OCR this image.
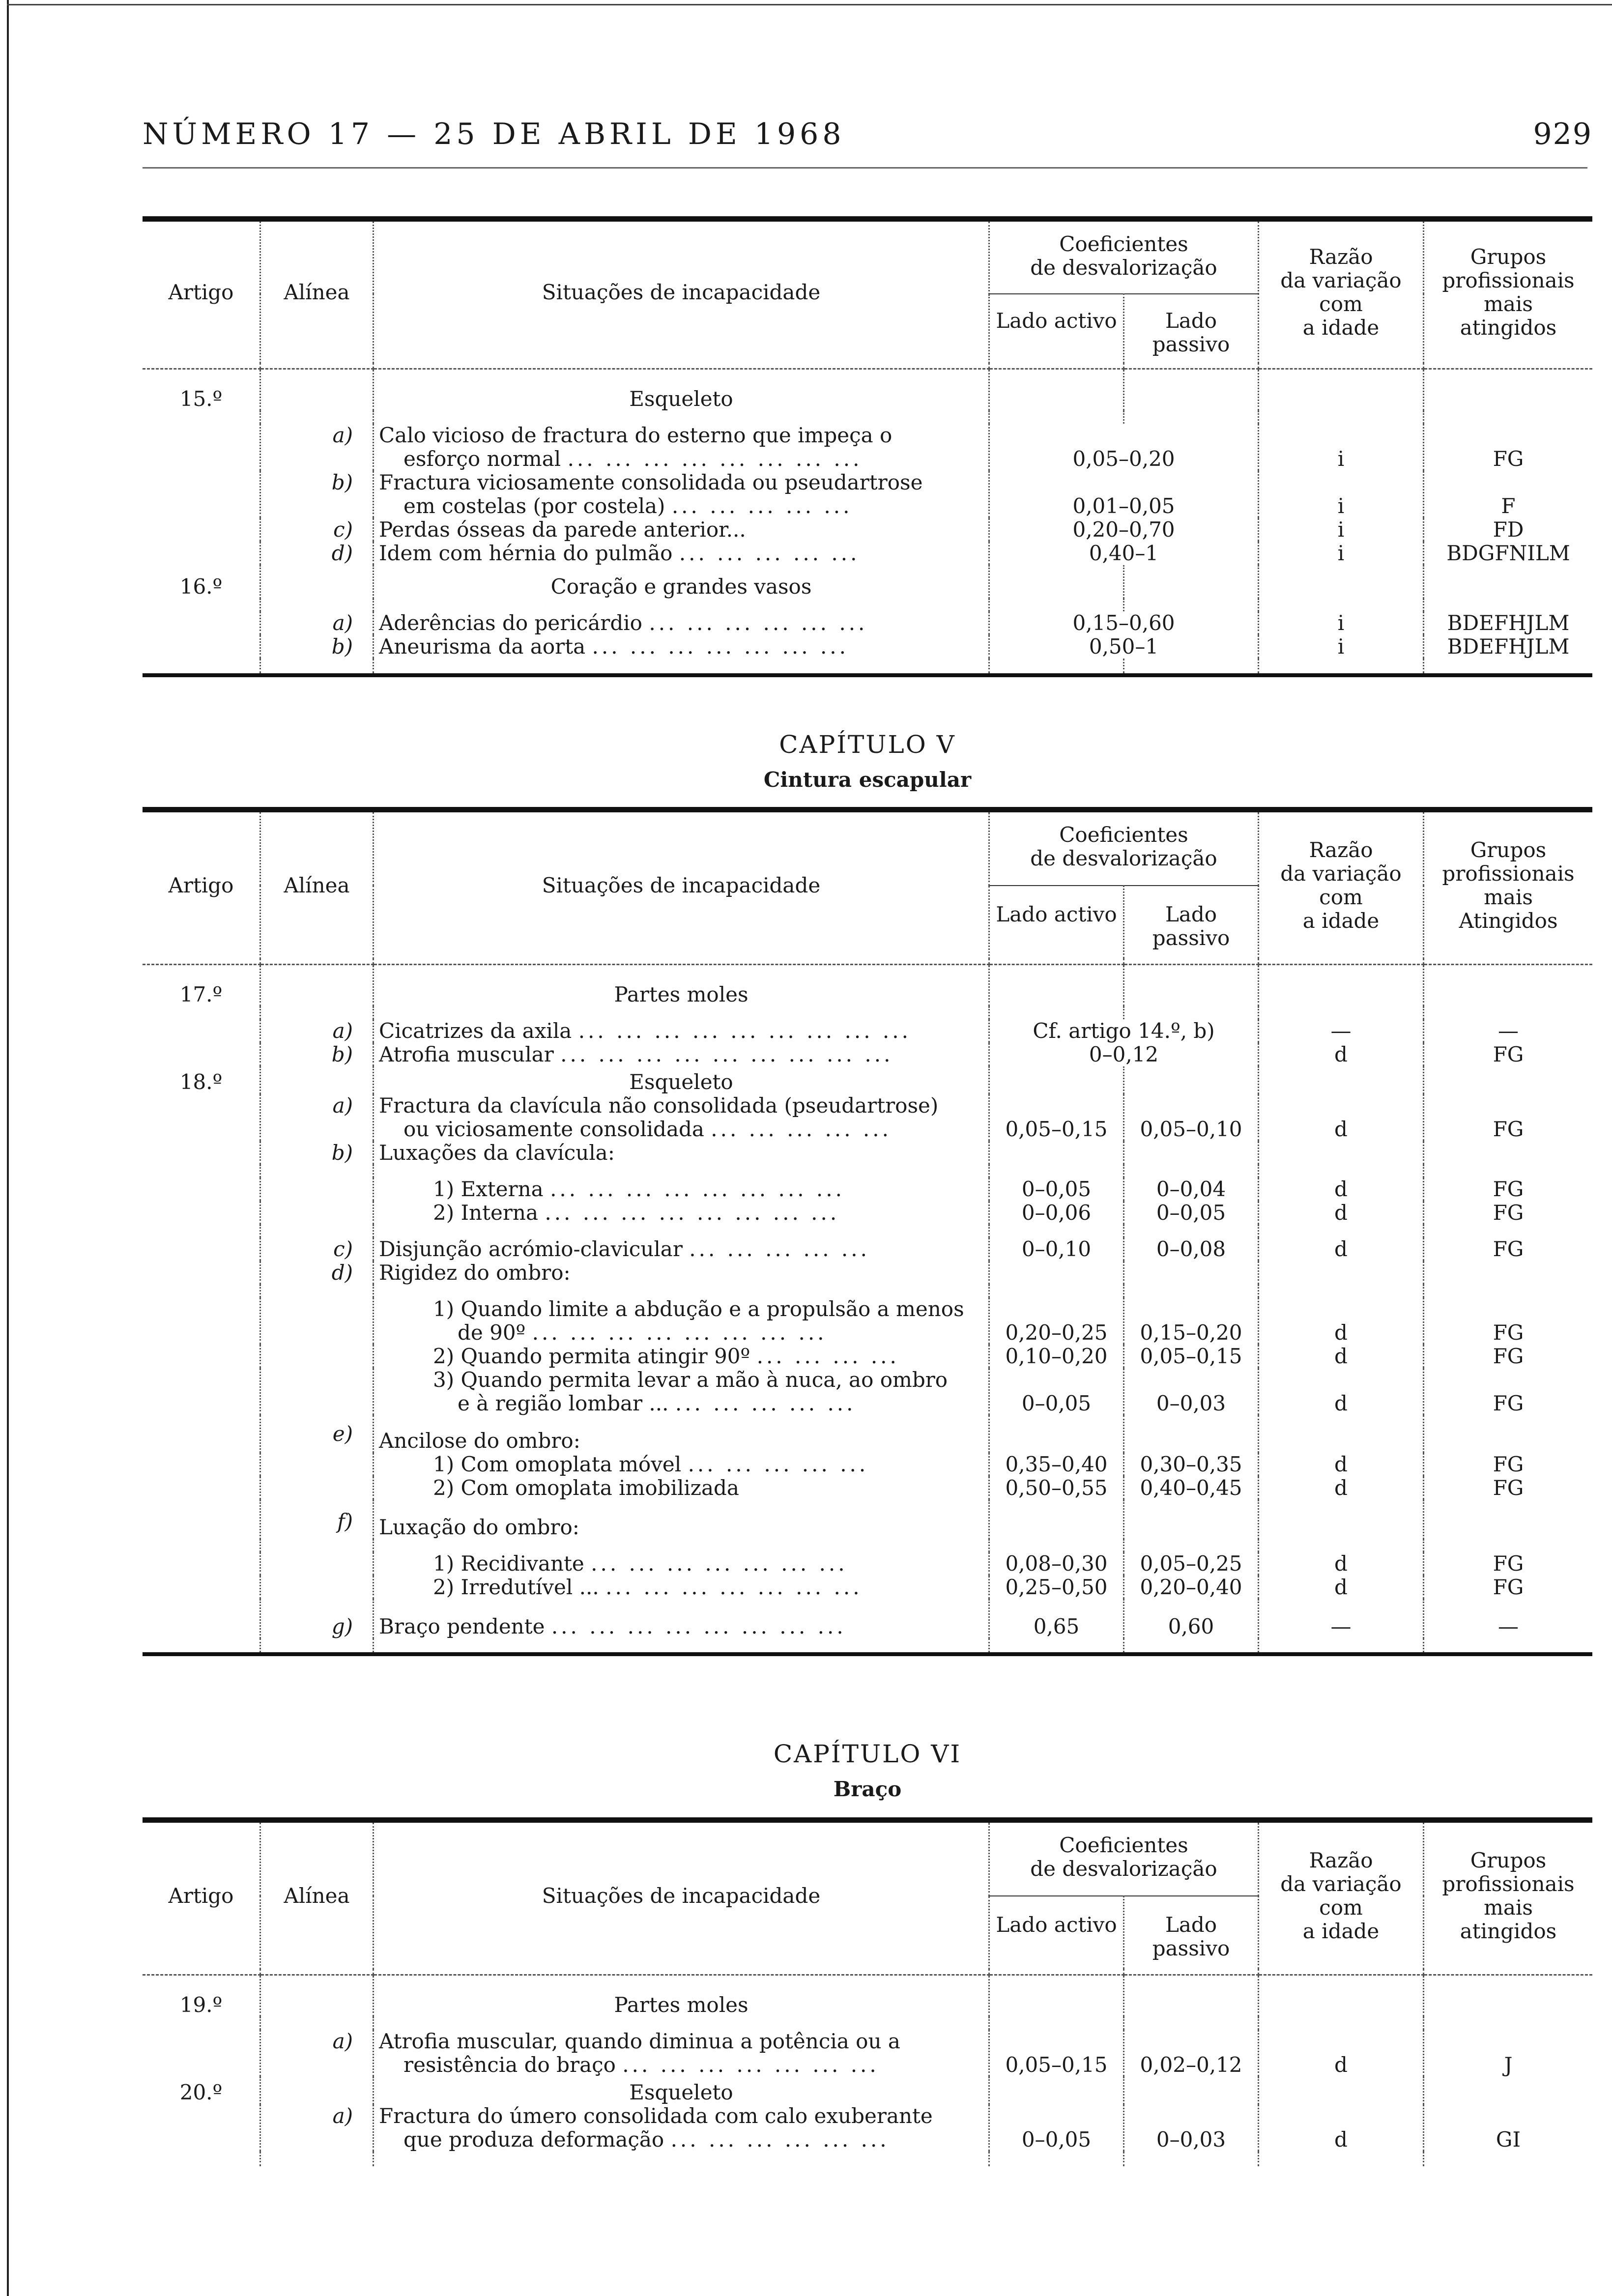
NÚMERO 17 — 25 DE ABRIL DE 1968	929
Artigo	Alínea	Situações de incapacidade	Coeficientes
de desvalorização		Razão
da variação
com
a idade	Grupos
profissionais
mais
atingidos
			Lado activo	Lado passivo		

15.º		Esqueleto				

	a)	Calo vicioso de fractura do esterno que impeça o
esforço normal ... ... ... ... ... ... ... ...	0,05–0,20		i	FG
	b)	Fractura viciosamente consolidada ou pseudartrose
em costelas (por costela) ... ... ... ... ...	0,01–0,05		i	F
	c)	Perdas ósseas da parede anterior...	0,20–0,70		i	FD
	d)	Idem com hérnia do pulmão ... ... ... ... ...	0,40–1		i	BDGFNILM
16.º		Coração e grandes vasos				

	a)	Aderências do pericárdio ... ... ... ... ... ...	0,15–0,60		i	BDEFHJLM
	b)	Aneurisma da aorta ... ... ... ... ... ... ...	0,50–1		i	BDEFHJLM

CAPÍTULO V
Cintura escapular
Artigo	Alínea	Situações de incapacidade	Coeficientes
de desvalorização		Razão
da variação
com
a idade	Grupos
profissionais
mais
Atingidos
			Lado activo	Lado passivo		

17.º		Partes moles				

	a)	Cicatrizes da axila ... ... ... ... ... ... ... ... ...	Cf. artigo 14.º, b)		—	—
	b)	Atrofia muscular ... ... ... ... ... ... ... ... ...	0–0,12		d	FG
18.º		Esqueleto				
	a)	Fractura da clavícula não consolidada (pseudartrose)
ou viciosamente consolidada ... ... ... ... ...	0,05–0,15	0,05–0,10	d	FG
	b)	Luxações da clavícula:				

		1) Externa ... ... ... ... ... ... ... ...	0–0,05	0–0,04	d	FG

		2) Interna ... ... ... ... ... ... ... ...	0–0,06	0–0,05	d	FG

	c)	Disjunção acrómio-clavicular ... ... ... ... ...	0–0,10	0–0,08	d	FG
	d)	Rigidez do ombro:				

		1) Quando limite a abdução e a propulsão a menos
de 90º ... ... ... ... ... ... ... ...	0,20–0,25	0,15–0,20	d	FG

		2) Quando permita atingir 90º ... ... ... ...	0,10–0,20	0,05–0,15	d	FG

		3) Quando permita levar a mão à nuca, ao ombro
e à região lombar ... ... ... ... ... ...	0–0,05	0–0,03	d	FG
	e)	Ancilose do ombro:				

		1) Com omoplata móvel ... ... ... ... ...	0,35–0,40	0,30–0,35	d	FG

		2) Com omoplata imobilizada	0,50–0,55	0,40–0,45	d	FG
	f)	Luxação do ombro:				

		1) Recidivante ... ... ... ... ... ... ...	0,08–0,30	0,05–0,25	d	FG

		2) Irredutível ... ... ... ... ... ... ... ...	0,25–0,50	0,20–0,40	d	FG
	g)	Braço pendente ... ... ... ... ... ... ... ...	0,65	0,60	—	—

CAPÍTULO VI
Braço
Artigo	Alínea	Situações de incapacidade	Coeficientes
de desvalorização		Razão
da variação
com
a idade	Grupos
profissionais
mais
atingidos
			Lado activo	Lado passivo		

19.º		Partes moles				

	a)	Atrofia muscular, quando diminua a potência ou a
resistência do braço ... ... ... ... ... ... ...	0,05–0,15	0,02–0,12	d	J
20.º		Esqueleto				
	a)	Fractura do úmero consolidada com calo exuberante
que produza deformação ... ... ... ... ... ...	0–0,05	0–0,03	d	GI
